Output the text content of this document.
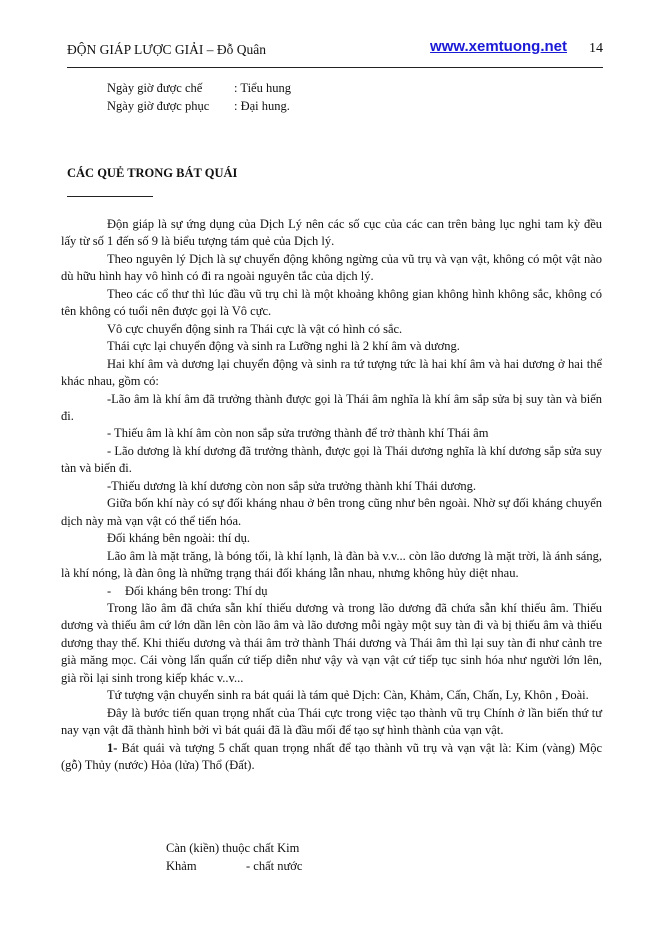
ĐỘN GIÁP LƯỢC GIẢI – Đỗ Quân	www.xemtuong.net 14
Ngày giờ được chế	: Tiểu hung
Ngày giờ được phục : Đại hung.
CÁC QUẺ TRONG BÁT QUÁI

Độn giáp là sự ứng dụng của Dịch Lý nên các số cục của các can trên bảng lục nghi tam kỳ đều lấy từ số 1 đến số 9 là biểu tượng tám quẻ của Dịch lý.

Theo nguyên lý Dịch là sự chuyển động không ngừng của vũ trụ và vạn vật, không có một vật nào dù hữu hình hay vô hình có đi ra ngoài nguyên tắc của dịch lý.

Theo các cổ thư thì lúc đầu vũ trụ chỉ là một khoảng không gian không hình không sắc, không có tên không có tuổi nên được gọi là Vô cực.

Vô cực chuyển động sinh ra Thái cực là vật có hình có sắc.

Thái cực lại chuyển động và sinh ra Lưỡng nghi là 2 khí âm và dương.

Hai khí âm và dương lại chuyển động và sinh ra tứ tượng tức là hai khí âm và hai dương ở hai thể khác nhau, gồm có:

-Lão âm là khí âm đã trưởng thành được gọi là Thái âm nghĩa là khí âm sắp sửa bị suy tàn và biến đi.

- Thiếu âm là khí âm còn non sắp sửa trưởng thành để trở thành khí Thái âm

- Lão dương là khí dương đã trưởng thành, được gọi là Thái dương nghĩa là khí dương sắp sửa suy tàn và biến đi.

-Thiếu dương là khí dương còn non sắp sửa trưởng thành khí Thái dương.

Giữa bốn khí này có sự đối kháng nhau ở bên trong cũng như bên ngoài. Nhờ sự đối kháng chuyển dịch này mà vạn vật có thể tiến hóa.

Đối kháng bên ngoài: thí dụ.

Lão âm là mặt trăng, là bóng tối, là khí lạnh, là đàn bà v.v... còn lão dương là mặt trời, là ánh sáng, là khí nóng, là đàn ông là những trạng thái đối kháng lẫn nhau, nhưng không hủy diệt nhau.

- Đối kháng bên trong: Thí dụ

Trong lão âm đã chứa sẵn khí thiếu dương và trong lão dương đã chứa sẵn khí thiếu âm. Thiếu dương và thiếu âm cứ lớn dần lên còn lão âm và lão dương mỗi ngày một suy tàn đi và bị thiếu âm và thiếu dương thay thế. Khi thiếu dương và thái âm trở thành Thái dương và Thái âm thì lại suy tàn đi như cảnh tre già măng mọc. Cái vòng lẩn quẩn cứ tiếp diễn như vậy và vạn vật cứ tiếp tục sinh hóa như người lớn lên, già rồi lại sinh trong kiếp khác v..v...

Tứ tượng vận chuyển sinh ra bát quái là tám quẻ Dịch: Càn, Khảm, Cấn, Chấn, Ly, Khôn , Đoài.

Đây là bước tiến quan trọng nhất của Thái cực trong việc tạo thành vũ trụ Chính ở lần biến thứ tư nay vạn vật đã thành hình bởi vì bát quái đã là đầu mối để tạo sự hình thành của vạn vật.

1- Bát quái và tượng 5 chất quan trọng nhất để tạo thành vũ trụ và vạn vật là: Kim (vàng) Mộc (gỗ) Thủy (nước) Hỏa (lửa) Thổ (Đất).

Càn (kiền) thuộc chất Kim
Khảm	- chất nước
